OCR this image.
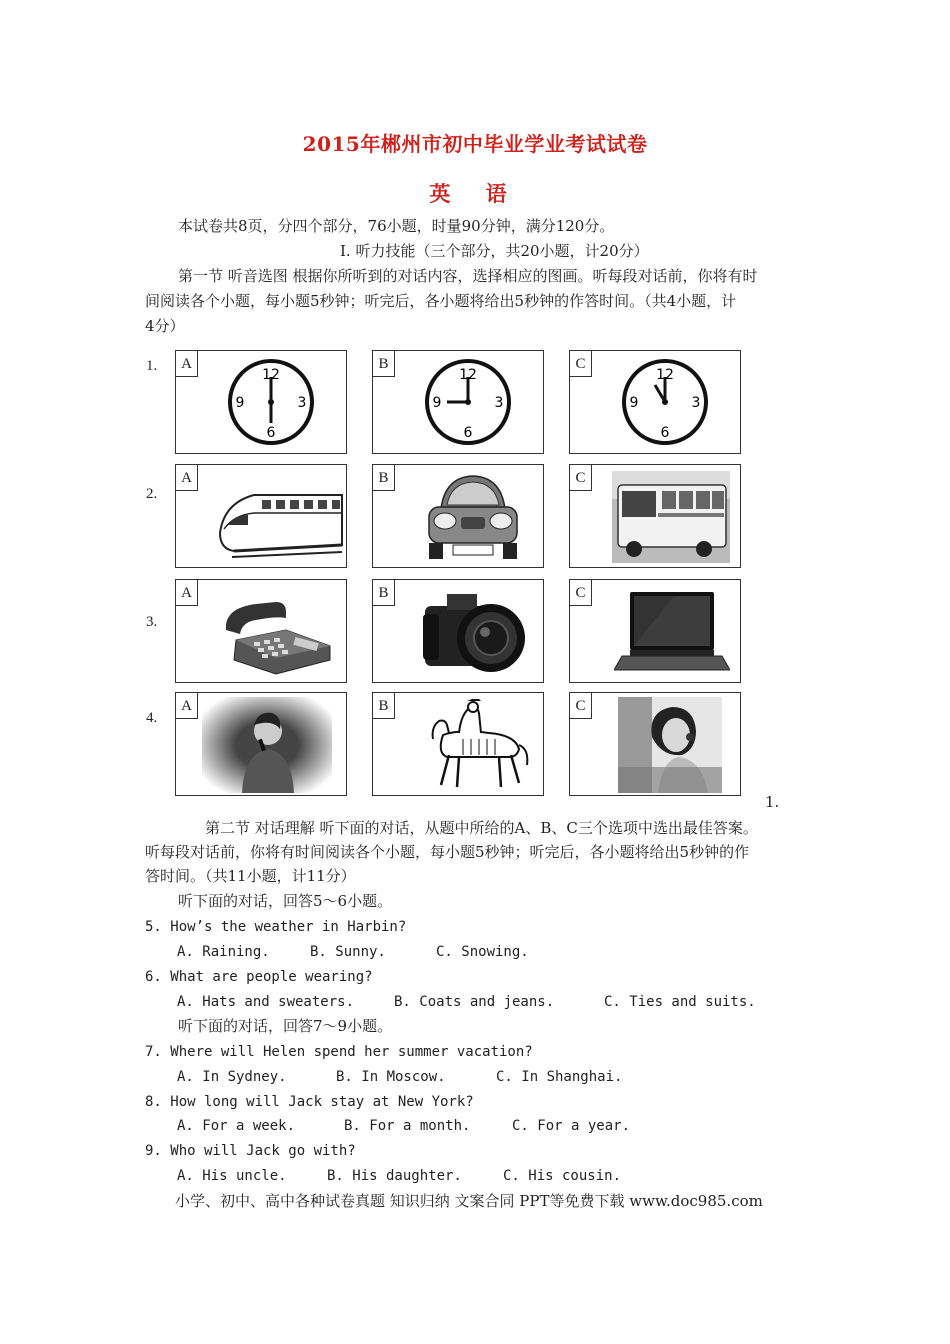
2015年郴州市初中毕业学业考试试卷
英 语
本试卷共8页，分四个部分，76小题，时量90分钟，满分120分。
Ⅰ. 听力技能（三个部分，共20小题，计20分）
第一节 听音选图 根据你所听到的对话内容，选择相应的图画。听每段对话前，你将有时
间阅读各个小题，每小题5秒钟；听完后，各小题将给出5秒钟的作答时间。（共4小题，计
4分）
1.	A
12
9	3
6
B
12
9	3
6
C
12
9	3
6
2.
A	B	C
3.
A	B	C
4.
A	B	C
1.
第二节 对话理解 听下面的对话，从题中所给的A、B、C三个选项中选出最佳答案。
听每段对话前，你将有时间阅读各个小题，每小题5秒钟；听完后，各小题将给出5秒钟的作
答时间。（共11小题，计11分）
听下面的对话，回答5～6小题。
5. How’s the weather in Harbin?
A. Raining.	B. Sunny.	C. Snowing.
6. What are people wearing?
A. Hats and sweaters.	B. Coats and jeans.	C. Ties and suits.
听下面的对话，回答7～9小题。
7. Where will Helen spend her summer vacation?
A. In Sydney.	B. In Moscow.	C. In Shanghai.
8. How long will Jack stay at New York?
A. For a week.	B. For a month.	C. For a year.
9. Who will Jack go with?
A. His uncle.	B. His daughter.	C. His cousin.
小学、初中、高中各种试卷真题 知识归纳 文案合同 PPT等免费下载 www.doc985.com
